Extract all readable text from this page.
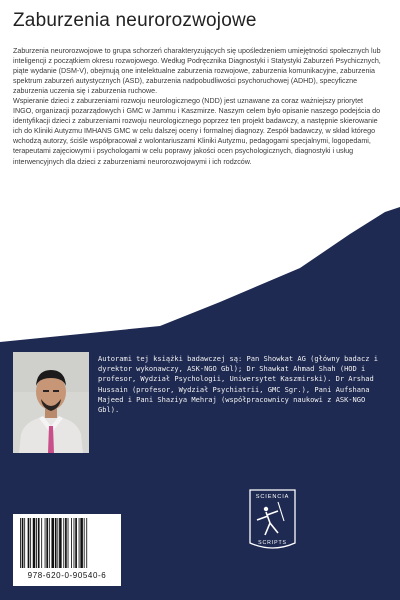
Zaburzenia neurorozwojowe

Zaburzenia neurorozwojowe to grupa schorzeń charakteryzujących się upośledzeniem umiejętności społecznych lub inteligencji z początkiem okresu rozwojowego. Według Podręcznika Diagnostyki i Statystyki Zaburzeń Psychicznych, piąte wydanie (DSM-V), obejmują one intelektualne zaburzenia rozwojowe, zaburzenia komunikacyjne, zaburzenia spektrum zaburzeń autystycznych (ASD), zaburzenia nadpobudliwości psychoruchowej (ADHD), specyficzne zaburzenia uczenia się i zaburzenia ruchowe.

Wspieranie dzieci z zaburzeniami rozwoju neurologicznego (NDD) jest uznawane za coraz ważniejszy priorytet INGO, organizacji pozarządowych i GMC w Jammu i Kaszmirze. Naszym celem było opisanie naszego podejścia do identyfikacji dzieci z zaburzeniami rozwoju neurologicznego poprzez ten projekt badawczy, a następnie skierowanie ich do Kliniki Autyzmu IMHANS GMC w celu dalszej oceny i formalnej diagnozy. Zespół badawczy, w skład którego wchodzą autorzy, ściśle współpracował z wolontariuszami Kliniki Autyzmu, pedagogami specjalnymi, logopedami, terapeutami zajęciowymi i psychologami w celu poprawy jakości ocen psychologicznych, diagnostyki i usług interwencyjnych dla dzieci z zaburzeniami neurorozwojowymi i ich rodzców.

Autorami tej książki badawczej są: Pan Showkat AG (główny badacz i dyrektor wykonawczy, ASK-NGO Gbl); Dr Shawkat Ahmad Shah (HOD i profesor, Wydział Psychologii, Uniwersytet Kaszmirski). Dr Arshad Hussain (profesor, Wydział Psychiatrii, GMC Sgr.), Pani Aufshana Majeed i Pani Shaziya Mehraj (współpracownicy naukowi z ASK-NGO Gbl).
SCIENCIA
SCRIPTS
978-620-0-90540-6
